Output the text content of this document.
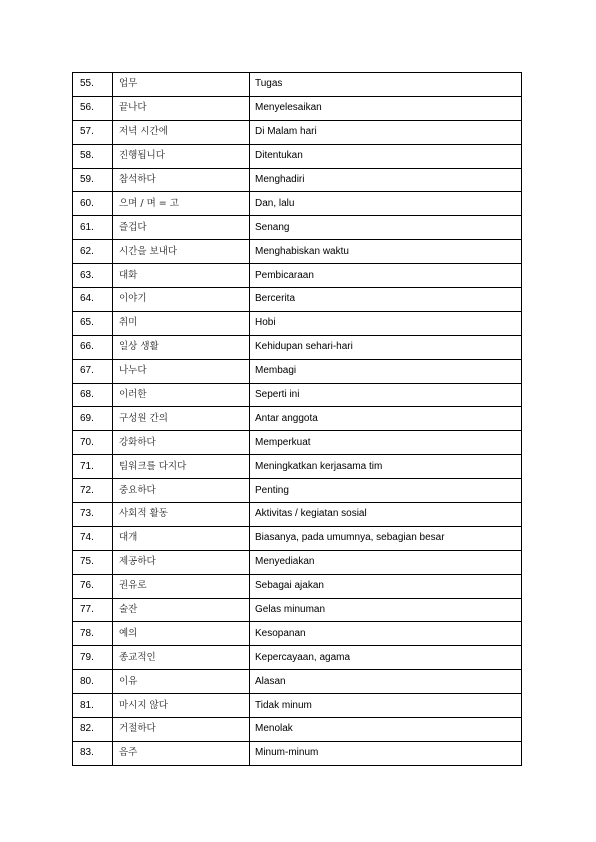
55.	업무	Tugas
56.	끝나다	Menyelesaikan
57.	저녁 시간에	Di Malam hari
58.	진행됩니다	Ditentukan
59.	참석하다	Menghadiri
60.	으며 / 며 = 고	Dan, lalu
61.	즐겁다	Senang
62.	시간을 보내다	Menghabiskan waktu
63.	대화	Pembicaraan
64.	이야기	Bercerita
65.	취미	Hobi
66.	일상 생활	Kehidupan sehari-hari
67.	나누다	Membagi
68.	이러한	Seperti ini
69.	구성원 간의	Antar anggota
70.	강화하다	Memperkuat
71.	팀워크를 다지다	Meningkatkan kerjasama tim
72.	중요하다	Penting
73.	사회적 활동	Aktivitas / kegiatan sosial
74.	대개	Biasanya, pada umumnya, sebagian besar
75.	제공하다	Menyediakan
76.	권유로	Sebagai ajakan
77.	술잔	Gelas minuman
78.	예의	Kesopanan
79.	종교적인	Kepercayaan, agama
80.	이유	Alasan
81.	마시지 않다	Tidak minum
82.	거절하다	Menolak
83.	음주	Minum-minum
